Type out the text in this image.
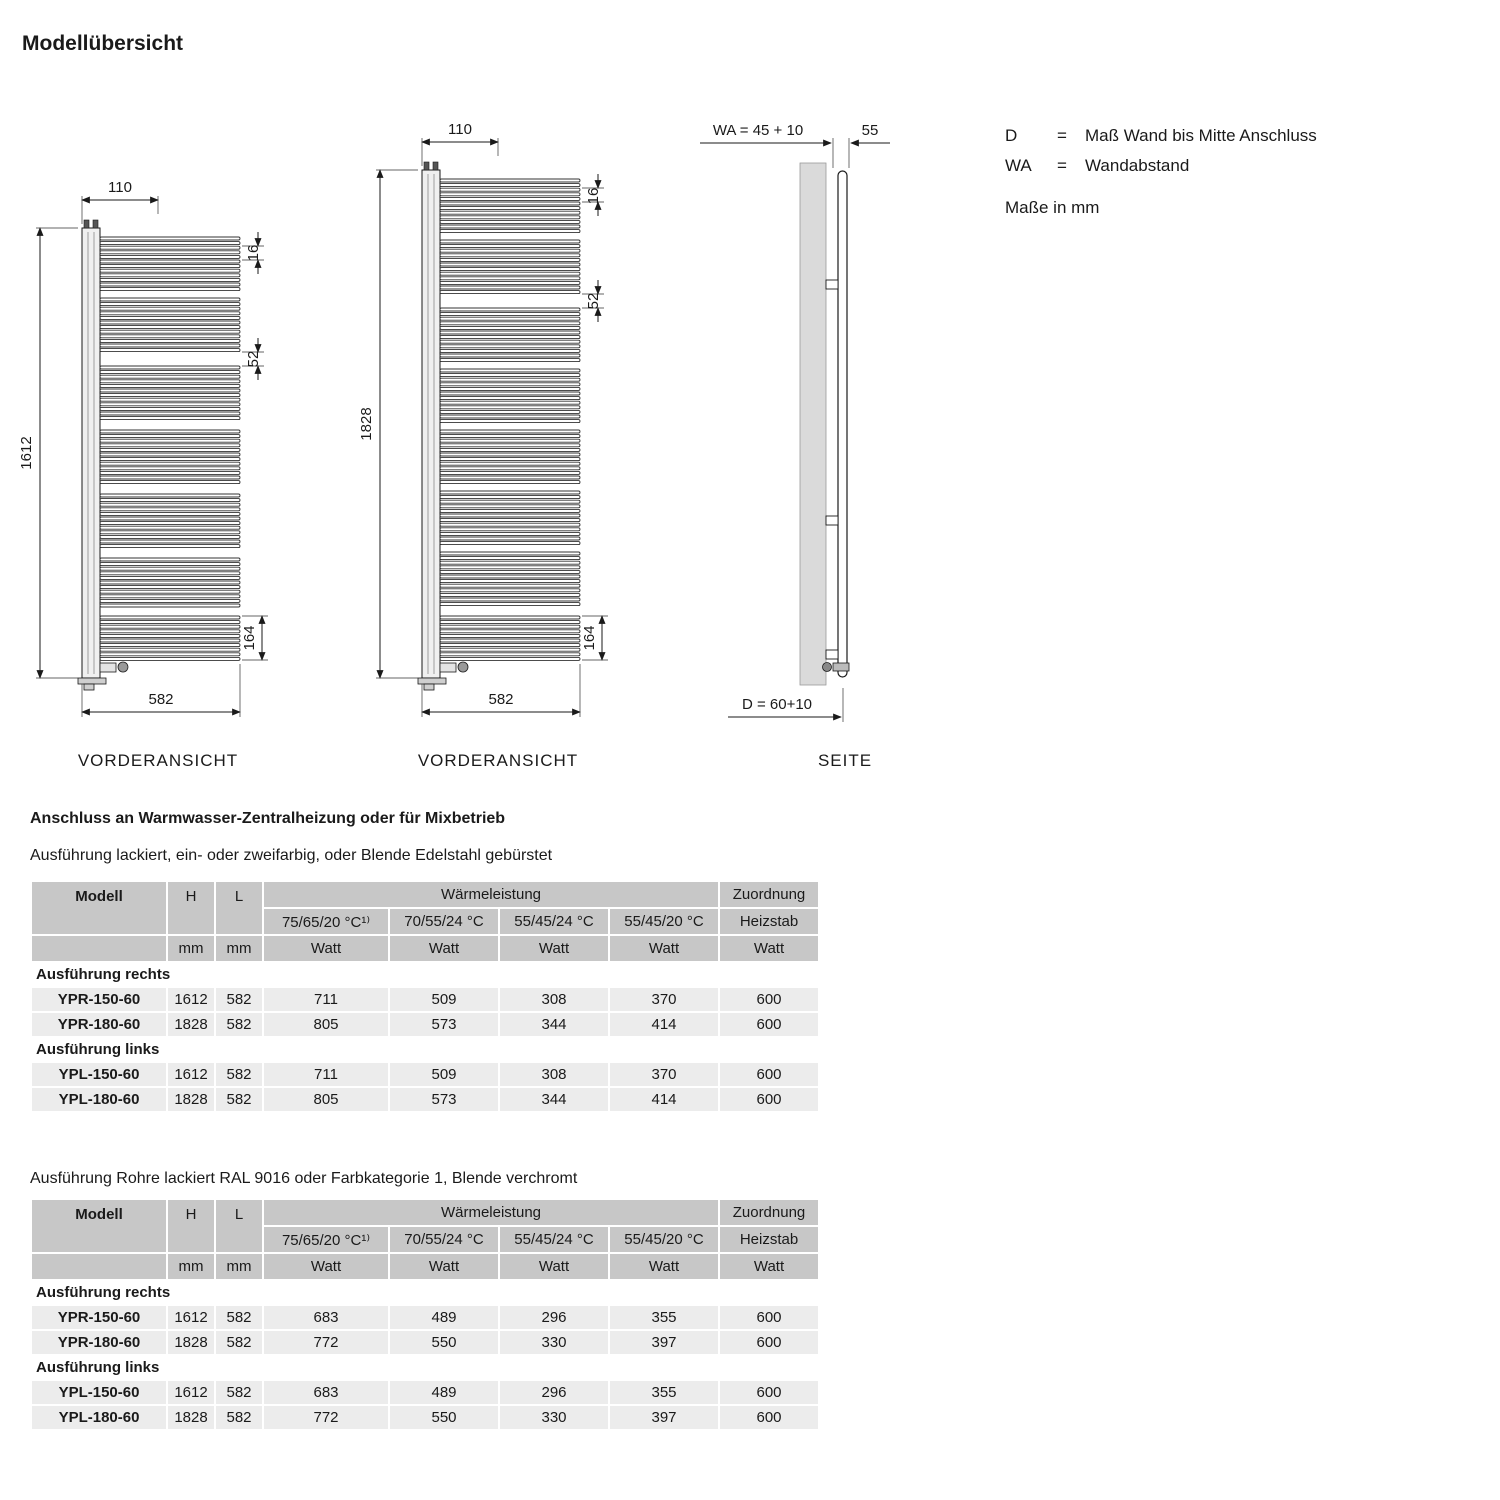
Modellübersicht
110
1612
16
52
164
582
VORDERANSICHT
110
1828
16
52
164
582
VORDERANSICHT
WA = 45 + 10	55
D = 60+10
SEITE
D	=	Maß Wand bis Mitte Anschluss
WA	=	Wandabstand
Maße in mm
Anschluss an Warmwasser-Zentralheizung oder für Mixbetrieb
Ausführung lackiert, ein- oder zweifarbig, oder Blende Edelstahl gebürstet
Modell	H	L	Wärmeleistung				Zuordnung
			75/65/20 °C¹⁾	70/55/24 °C	55/45/24 °C	55/45/20 °C	Heizstab
	mm	mm	Watt	Watt	Watt	Watt	Watt
Ausführung rechts							
YPR-150-60	1612	582	711	509	308	370	600
YPR-180-60	1828	582	805	573	344	414	600
Ausführung links							
YPL-150-60	1612	582	711	509	308	370	600
YPL-180-60	1828	582	805	573	344	414	600
Ausführung Rohre lackiert RAL 9016 oder Farbkategorie 1, Blende verchromt
Modell	H	L	Wärmeleistung				Zuordnung
			75/65/20 °C¹⁾	70/55/24 °C	55/45/24 °C	55/45/20 °C	Heizstab
	mm	mm	Watt	Watt	Watt	Watt	Watt
Ausführung rechts							
YPR-150-60	1612	582	683	489	296	355	600
YPR-180-60	1828	582	772	550	330	397	600
Ausführung links							
YPL-150-60	1612	582	683	489	296	355	600
YPL-180-60	1828	582	772	550	330	397	600
